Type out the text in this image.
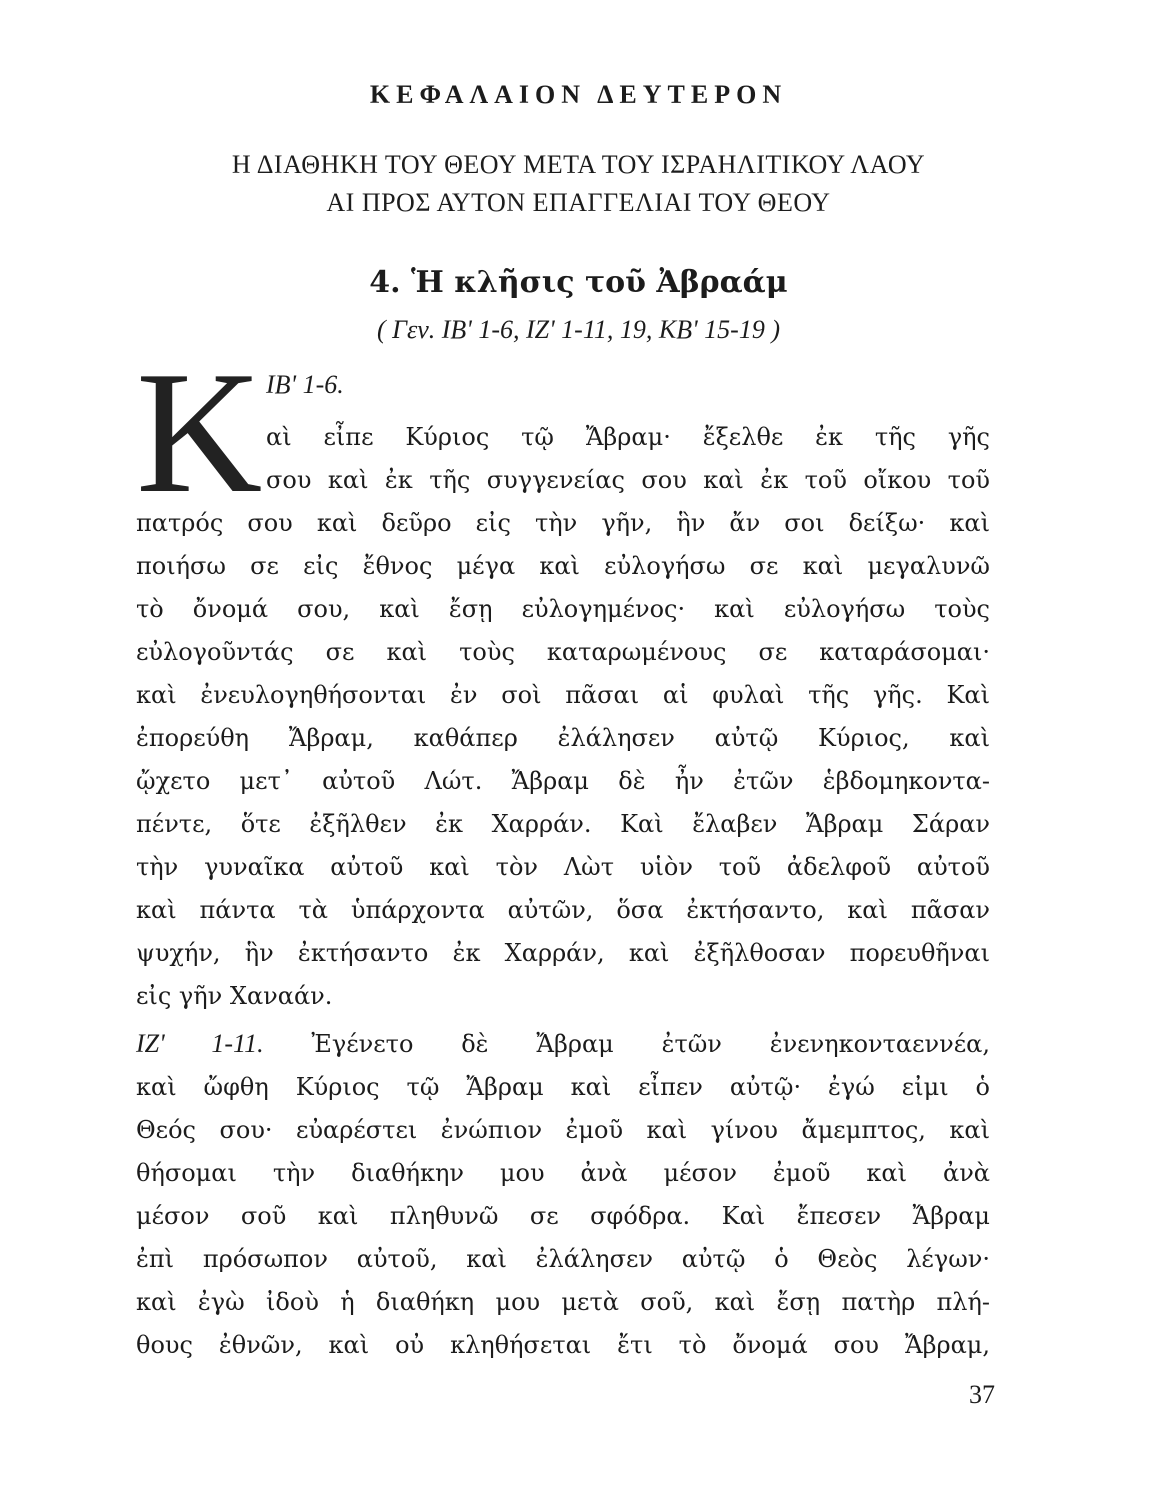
ΚΕΦΑΛΑΙΟΝ ΔΕΥΤΕΡΟΝ
Η ΔΙΑΘΗΚΗ ΤΟΥ ΘΕΟΥ ΜΕΤΑ ΤΟΥ ΙΣΡΑΗΛΙΤΙΚΟΥ ΛΑΟΥ
ΑΙ ΠΡΟΣ ΑΥΤΟΝ ΕΠΑΓΓΕΛΙΑΙ ΤΟΥ ΘΕΟΥ
4. Ἡ κλῆσις τοῦ Ἀβραάμ
( Γεν. ΙΒ' 1-6, ΙΖ' 1-11, 19, ΚΒ' 15-19 )
Κ ΙΒ' 1-6.
αὶ εἶπε Κύριος τῷ Ἄβραμ· ἔξελθε ἐκ τῆς γῆς
σου καὶ ἐκ τῆς συγγενείας σου καὶ ἐκ τοῦ οἴκου τοῦ
πατρός σου καὶ δεῦρο εἰς τὴν γῆν, ἣν ἄν σοι δείξω· καὶ
ποιήσω σε εἰς ἔθνος μέγα καὶ εὐλογήσω σε καὶ μεγαλυνῶ
τὸ ὄνομά σου, καὶ ἔσῃ εὐλογημένος· καὶ εὐλογήσω τοὺς
εὐλογοῦντάς σε καὶ τοὺς καταρωμένους σε καταράσομαι·
καὶ ἐνευλογηθήσονται ἐν σοὶ πᾶσαι αἱ φυλαὶ τῆς γῆς. Καὶ
ἐπορεύθη Ἄβραμ, καθάπερ ἐλάλησεν αὐτῷ Κύριος, καὶ
ᾤχετο μετ᾽ αὐτοῦ Λώτ. Ἄβραμ δὲ ἦν ἐτῶν ἑβδομηκοντα-
πέντε, ὅτε ἐξῆλθεν ἐκ Χαρράν. Καὶ ἔλαβεν Ἄβραμ Σάραν
τὴν γυναῖκα αὐτοῦ καὶ τὸν Λὼτ υἱὸν τοῦ ἀδελφοῦ αὐτοῦ
καὶ πάντα τὰ ὑπάρχοντα αὐτῶν, ὅσα ἐκτήσαντο, καὶ πᾶσαν
ψυχήν, ἣν ἐκτήσαντο ἐκ Χαρράν, καὶ ἐξῆλθοσαν πορευθῆναι
εἰς γῆν Χαναάν.
ΙΖ' 1-11. Ἐγένετο δὲ Ἄβραμ ἐτῶν ἐνενηκονταεννέα,
καὶ ὤφθη Κύριος τῷ Ἄβραμ καὶ εἶπεν αὐτῷ· ἐγώ εἰμι ὁ
Θεός σου· εὐαρέστει ἐνώπιον ἐμοῦ καὶ γίνου ἄμεμπτος, καὶ
θήσομαι τὴν διαθήκην μου ἀνὰ μέσον ἐμοῦ καὶ ἀνὰ
μέσον σοῦ καὶ πληθυνῶ σε σφόδρα. Καὶ ἔπεσεν Ἄβραμ
ἐπὶ πρόσωπον αὐτοῦ, καὶ ἐλάλησεν αὐτῷ ὁ Θεὸς λέγων·
καὶ ἐγὼ ἰδοὺ ἡ διαθήκη μου μετὰ σοῦ, καὶ ἔσῃ πατὴρ πλή-
θους ἐθνῶν, καὶ οὐ κληθήσεται ἔτι τὸ ὄνομά σου Ἄβραμ,
37
